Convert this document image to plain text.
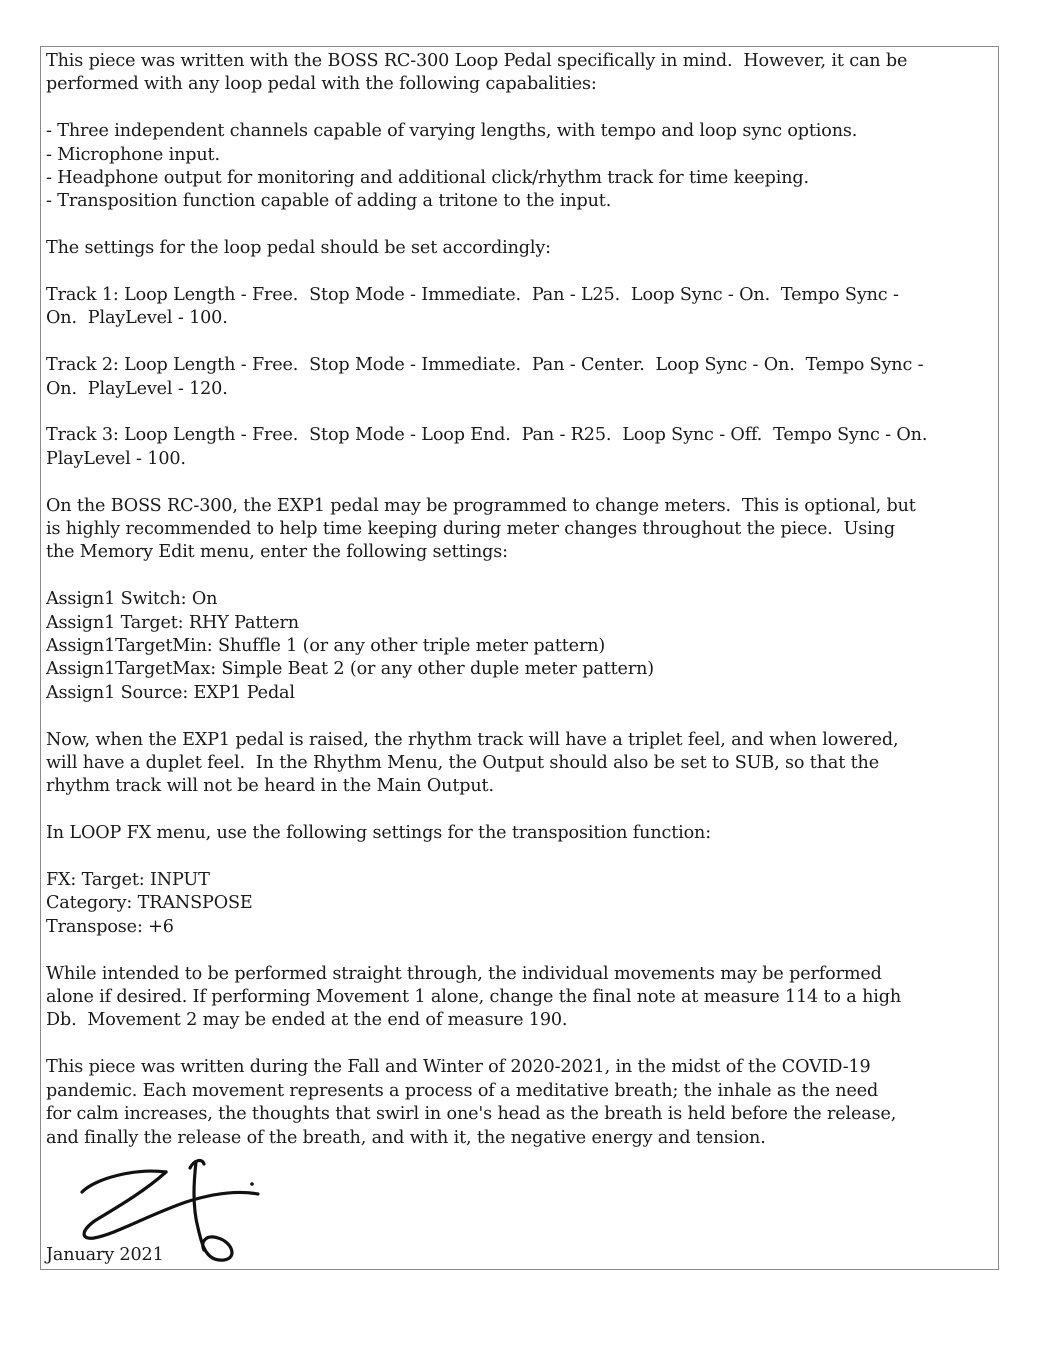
This piece was written with the BOSS RC-300 Loop Pedal specifically in mind.  However, it can be
performed with any loop pedal with the following capabalities:

- Three independent channels capable of varying lengths, with tempo and loop sync options.
- Microphone input.
- Headphone output for monitoring and additional click/rhythm track for time keeping.
- Transposition function capable of adding a tritone to the input.

The settings for the loop pedal should be set accordingly:

Track 1: Loop Length - Free.  Stop Mode - Immediate.  Pan - L25.  Loop Sync - On.  Tempo Sync -
On.  PlayLevel - 100.

Track 2: Loop Length - Free.  Stop Mode - Immediate.  Pan - Center.  Loop Sync - On.  Tempo Sync -
On.  PlayLevel - 120.

Track 3: Loop Length - Free.  Stop Mode - Loop End.  Pan - R25.  Loop Sync - Off.  Tempo Sync - On.
PlayLevel - 100.

On the BOSS RC-300, the EXP1 pedal may be programmed to change meters.  This is optional, but
is highly recommended to help time keeping during meter changes throughout the piece.  Using
the Memory Edit menu, enter the following settings:

Assign1 Switch: On
Assign1 Target: RHY Pattern
Assign1TargetMin: Shuffle 1 (or any other triple meter pattern)
Assign1TargetMax: Simple Beat 2 (or any other duple meter pattern)
Assign1 Source: EXP1 Pedal

Now, when the EXP1 pedal is raised, the rhythm track will have a triplet feel, and when lowered,
will have a duplet feel.  In the Rhythm Menu, the Output should also be set to SUB, so that the
rhythm track will not be heard in the Main Output.

In LOOP FX menu, use the following settings for the transposition function:

FX: Target: INPUT
Category: TRANSPOSE
Transpose: +6

While intended to be performed straight through, the individual movements may be performed
alone if desired. If performing Movement 1 alone, change the final note at measure 114 to a high
Db.  Movement 2 may be ended at the end of measure 190.

This piece was written during the Fall and Winter of 2020-2021, in the midst of the COVID-19
pandemic. Each movement represents a process of a meditative breath; the inhale as the need
for calm increases, the thoughts that swirl in one's head as the breath is held before the release,
and finally the release of the breath, and with it, the negative energy and tension.

January 2021
